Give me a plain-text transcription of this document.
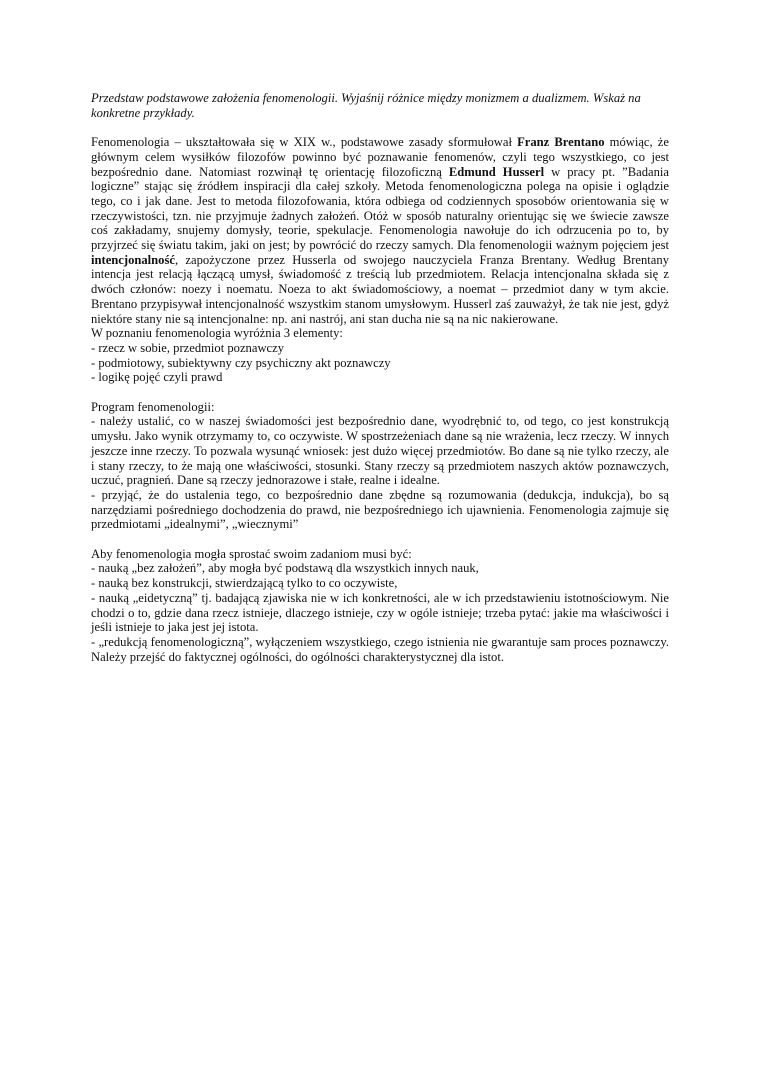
Przedstaw podstawowe założenia fenomenologii. Wyjaśnij różnice między monizmem a dualizmem. Wskaż na konkretne przykłady.

Fenomenologia – ukształtowała się w XIX w., podstawowe zasady sformułował Franz Brentano mówiąc, że głównym celem wysiłków filozofów powinno być poznawanie fenomenów, czyli tego wszystkiego, co jest bezpośrednio dane. Natomiast rozwinął tę orientację filozoficzną Edmund Husserl w pracy pt. ”Badania logiczne” stając się źródłem inspiracji dla całej szkoły. Metoda fenomenologiczna polega na opisie i oglądzie tego, co i jak dane. Jest to metoda filozofowania, która odbiega od codziennych sposobów orientowania się w rzeczywistości, tzn. nie przyjmuje żadnych założeń. Otóż w sposób naturalny orientując się we świecie zawsze coś zakładamy, snujemy domysły, teorie, spekulacje. Fenomenologia nawołuje do ich odrzucenia po to, by przyjrzeć się światu takim, jaki on jest; by powrócić do rzeczy samych. Dla fenomenologii ważnym pojęciem jest intencjonalność, zapożyczone przez Husserla od swojego nauczyciela Franza Brentany. Według Brentany intencja jest relacją łączącą umysł, świadomość z treścią lub przedmiotem. Relacja intencjonalna składa się z dwóch członów: noezy i noematu. Noeza to akt świadomościowy, a noemat – przedmiot dany w tym akcie. Brentano przypisywał intencjonalność wszystkim stanom umysłowym. Husserl zaś zauważył, że tak nie jest, gdyż niektóre stany nie są intencjonalne: np. ani nastrój, ani stan ducha nie są na nic nakierowane.

W poznaniu fenomenologia wyróżnia 3 elementy:

- rzecz w sobie, przedmiot poznawczy

- podmiotowy, subiektywny czy psychiczny akt poznawczy

- logikę pojęć czyli prawd

Program fenomenologii:

- należy ustalić, co w naszej świadomości jest bezpośrednio dane, wyodrębnić to, od tego, co jest konstrukcją umysłu. Jako wynik otrzymamy to, co oczywiste. W spostrzeżeniach dane są nie wrażenia, lecz rzeczy. W innych jeszcze inne rzeczy. To pozwala wysunąć wniosek: jest dużo więcej przedmiotów. Bo dane są nie tylko rzeczy, ale i stany rzeczy, to że mają one właściwości, stosunki. Stany rzeczy są przedmiotem naszych aktów poznawczych, uczuć, pragnień. Dane są rzeczy jednorazowe i stałe, realne i idealne.

- przyjąć, że do ustalenia tego, co bezpośrednio dane zbędne są rozumowania (dedukcja, indukcja), bo są narzędziami pośredniego dochodzenia do prawd, nie bezpośredniego ich ujawnienia. Fenomenologia zajmuje się przedmiotami „idealnymi”, „wiecznymi”

Aby fenomenologia mogła sprostać swoim zadaniom musi być:

- nauką „bez założeń”, aby mogła być podstawą dla wszystkich innych nauk,

- nauką bez konstrukcji, stwierdzającą tylko to co oczywiste,

- nauką „eidetyczną” tj. badającą zjawiska nie w ich konkretności, ale w ich przedstawieniu istotnościowym. Nie chodzi o to, gdzie dana rzecz istnieje, dlaczego istnieje, czy w ogóle istnieje; trzeba pytać: jakie ma właściwości i jeśli istnieje to jaka jest jej istota.

- „redukcją fenomenologiczną”, wyłączeniem wszystkiego, czego istnienia nie gwarantuje sam proces poznawczy. Należy przejść do faktycznej ogólności, do ogólności charakterystycznej dla istot.
